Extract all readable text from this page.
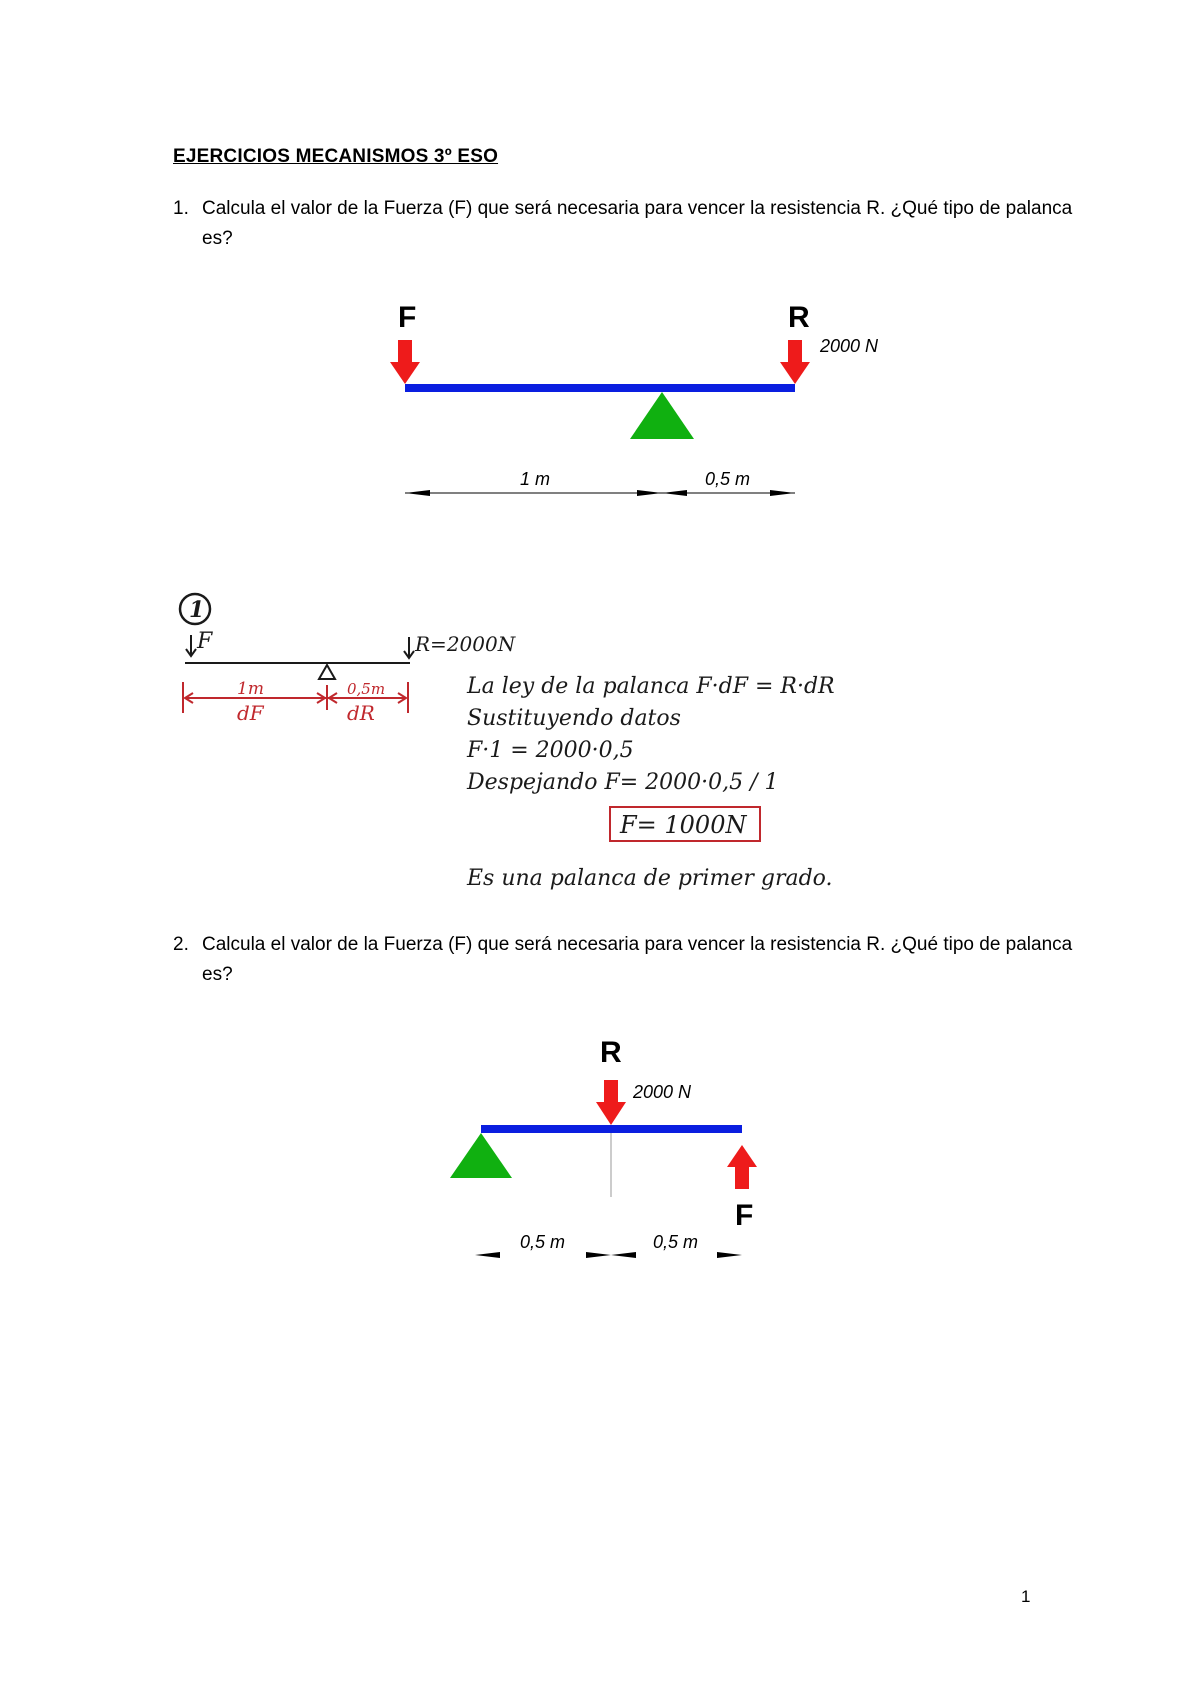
EJERCICIOS MECANISMOS 3º ESO
1. Calcula el valor de la Fuerza (F) que será necesaria para vencer la resistencia R. ¿Qué tipo de palanca es?
F	R
2000 N
1 m	0,5 m
1
F	R=2000N
1m	0,5m
dF	dR
La ley de la palanca F·dF = R·dR
Sustituyendo datos
F·1 = 2000·0,5
Despejando F= 2000·0,5 / 1
F= 1000N
Es una palanca de primer grado.
2. Calcula el valor de la Fuerza (F) que será necesaria para vencer la resistencia R. ¿Qué tipo de palanca es?
R
2000 N
F
0,5 m	0,5 m
1
